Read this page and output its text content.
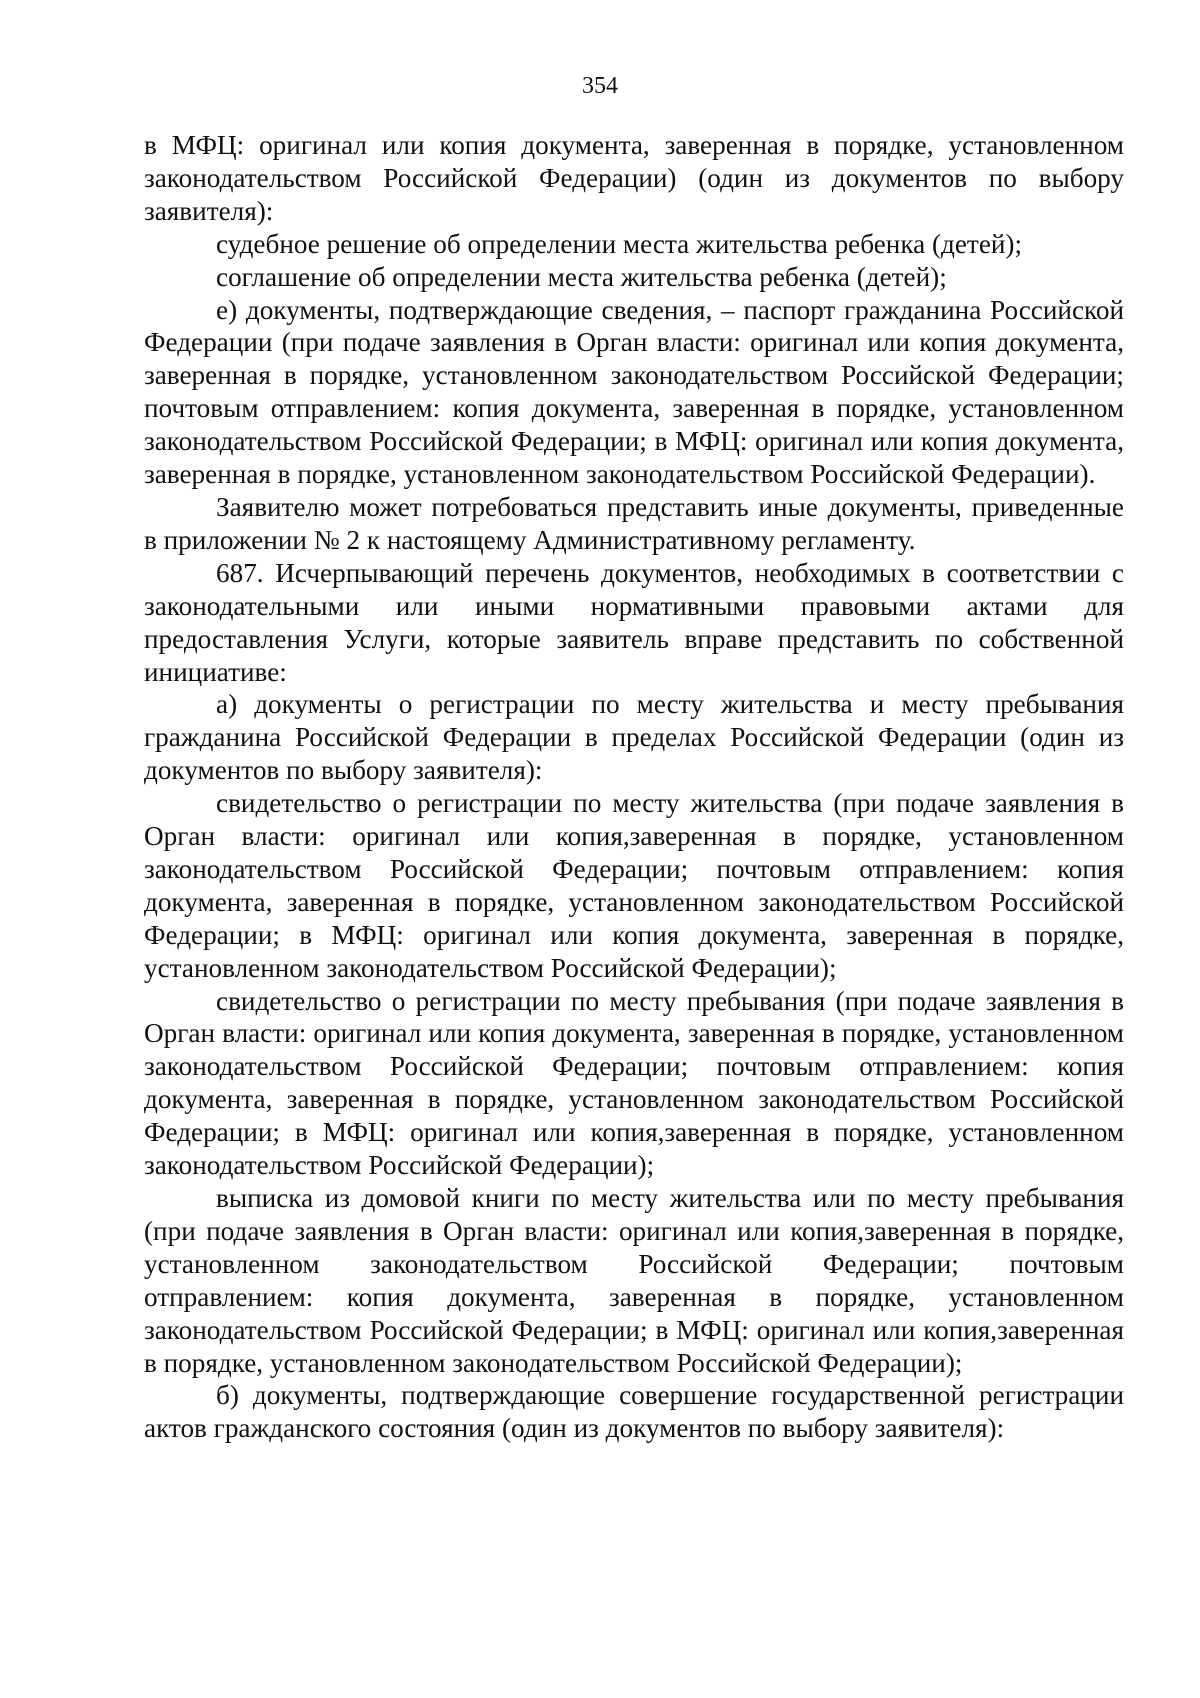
354

в МФЦ: оригинал или копия документа, заверенная в порядке, установленном законодательством Российской Федерации) (один из документов по выбору заявителя):

судебное решение об определении места жительства ребенка (детей);

соглашение об определении места жительства ребенка (детей);

е) документы, подтверждающие сведения, – паспорт гражданина Российской Федерации (при подаче заявления в Орган власти: оригинал или копия документа, заверенная в порядке, установленном законодательством Российской Федерации; почтовым отправлением: копия документа, заверенная в порядке, установленном законодательством Российской Федерации; в МФЦ: оригинал или копия документа, заверенная в порядке, установленном законодательством Российской Федерации).

Заявителю может потребоваться представить иные документы, приведенные в приложении № 2 к настоящему Административному регламенту.

687. Исчерпывающий перечень документов, необходимых в соответствии с законодательными или иными нормативными правовыми актами для предоставления Услуги, которые заявитель вправе представить по собственной инициативе:

а) документы о регистрации по месту жительства и месту пребывания гражданина Российской Федерации в пределах Российской Федерации (один из документов по выбору заявителя):

свидетельство о регистрации по месту жительства (при подаче заявления в Орган власти: оригинал или копия,заверенная в порядке, установленном законодательством Российской Федерации; почтовым отправлением: копия документа, заверенная в порядке, установленном законодательством Российской Федерации; в МФЦ: оригинал или копия документа, заверенная в порядке, установленном законодательством Российской Федерации);

свидетельство о регистрации по месту пребывания (при подаче заявления в Орган власти: оригинал или копия документа, заверенная в порядке, установленном законодательством Российской Федерации; почтовым отправлением: копия документа, заверенная в порядке, установленном законодательством Российской Федерации; в МФЦ: оригинал или копия,заверенная в порядке, установленном законодательством Российской Федерации);

выписка из домовой книги по месту жительства или по месту пребывания (при подаче заявления в Орган власти: оригинал или копия,заверенная в порядке, установленном законодательством Российской Федерации; почтовым отправлением: копия документа, заверенная в порядке, установленном законодательством Российской Федерации; в МФЦ: оригинал или копия,заверенная в порядке, установленном законодательством Российской Федерации);

б) документы, подтверждающие совершение государственной регистрации актов гражданского состояния (один из документов по выбору заявителя):
